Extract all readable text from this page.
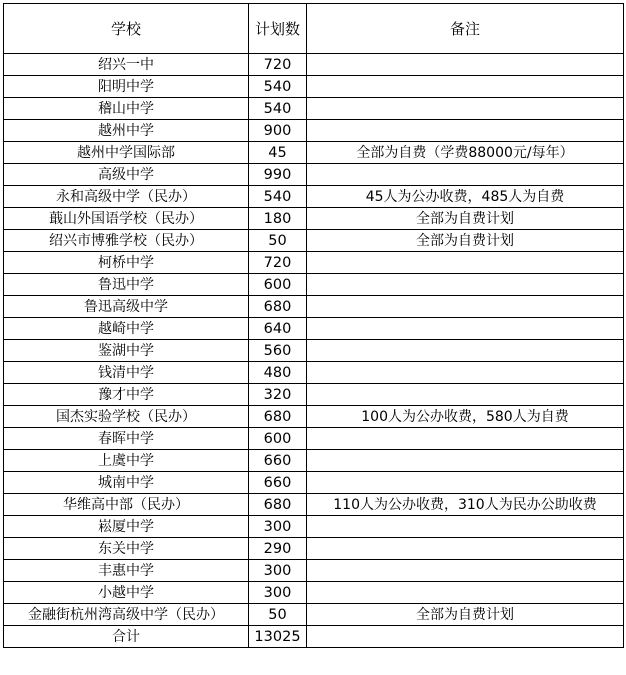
学校	计划数	备注
绍兴一中	720	
阳明中学	540	
稽山中学	540	
越州中学	900	
越州中学国际部	45	全部为自费（学费88000元/每年）
高级中学	990	
永和高级中学（民办）	540	45人为公办收费，485人为自费
蕺山外国语学校（民办）	180	全部为自费计划
绍兴市博雅学校（民办）	50	全部为自费计划
柯桥中学	720	
鲁迅中学	600	
鲁迅高级中学	680	
越崎中学	640	
鉴湖中学	560	
钱清中学	480	
豫才中学	320	
国杰实验学校（民办）	680	100人为公办收费，580人为自费
春晖中学	600	
上虞中学	660	
城南中学	660	
华维高中部（民办）	680	110人为公办收费，310人为民办公助收费
崧厦中学	300	
东关中学	290	
丰惠中学	300	
小越中学	300	
金融街杭州湾高级中学（民办）	50	全部为自费计划
合计	13025	
